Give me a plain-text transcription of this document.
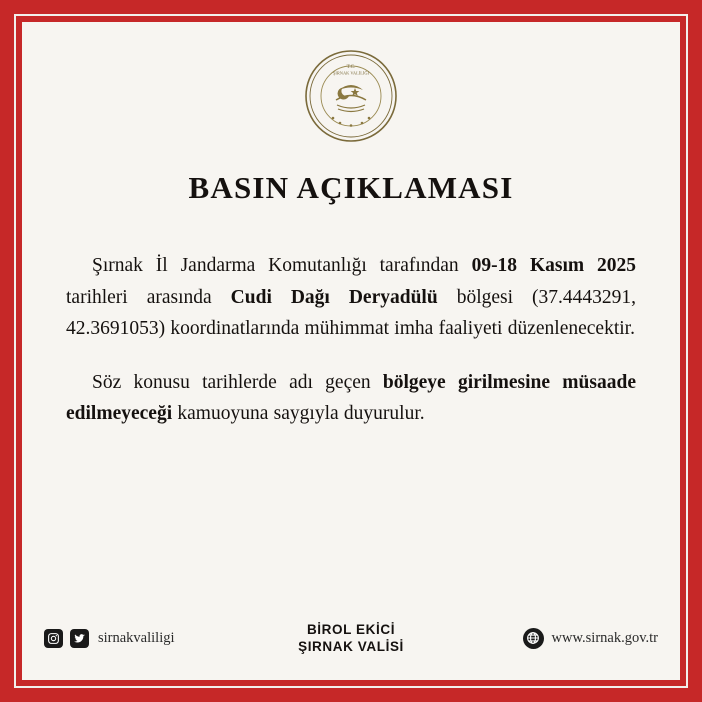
T.C.
ŞIRNAK VALİLİĞİ
BASIN AÇIKLAMASI

Şırnak İl Jandarma Komutanlığı tarafından 09-18 Kasım 2025 tarihleri arasında Cudi Dağı Deryadülü bölgesi (37.4443291, 42.3691053) koordinatlarında mühimmat imha faaliyeti düzenlenecektir.

Söz konusu tarihlerde adı geçen bölgeye girilmesine müsaade edilmeyeceği kamuoyuna saygıyla duyurulur.

sirnakvaliligi
BİROL EKİCİ
ŞIRNAK VALİSİ
www.sirnak.gov.tr
